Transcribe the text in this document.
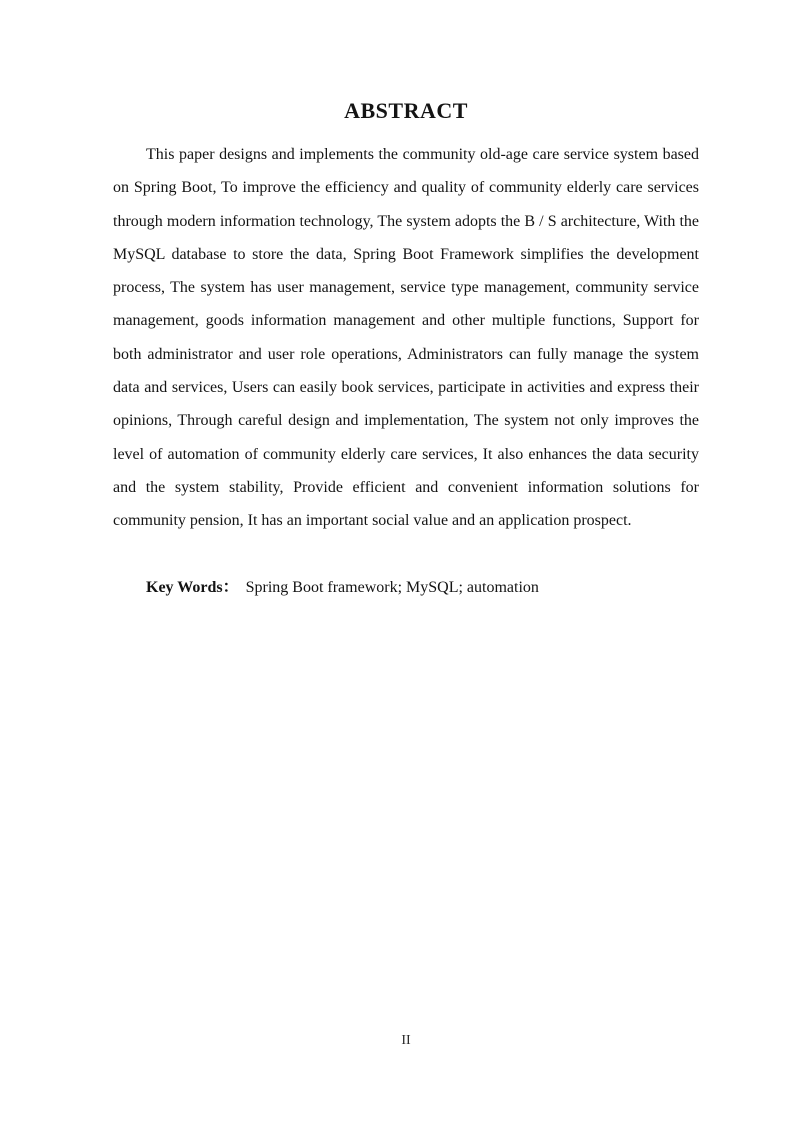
ABSTRACT

This paper designs and implements the community old-age care service system based on Spring Boot, To improve the efficiency and quality of community elderly care services through modern information technology, The system adopts the B / S architecture, With the MySQL database to store the data, Spring Boot Framework simplifies the development process, The system has user management, service type management, community service management, goods information management and other multiple functions, Support for both administrator and user role operations, Administrators can fully manage the system data and services, Users can easily book services, participate in activities and express their opinions, Through careful design and implementation, The system not only improves the level of automation of community elderly care services, It also enhances the data security and the system stability, Provide efficient and convenient information solutions for community pension, It has an important social value and an application prospect.

Key Words： Spring Boot framework; MySQL; automation

II
